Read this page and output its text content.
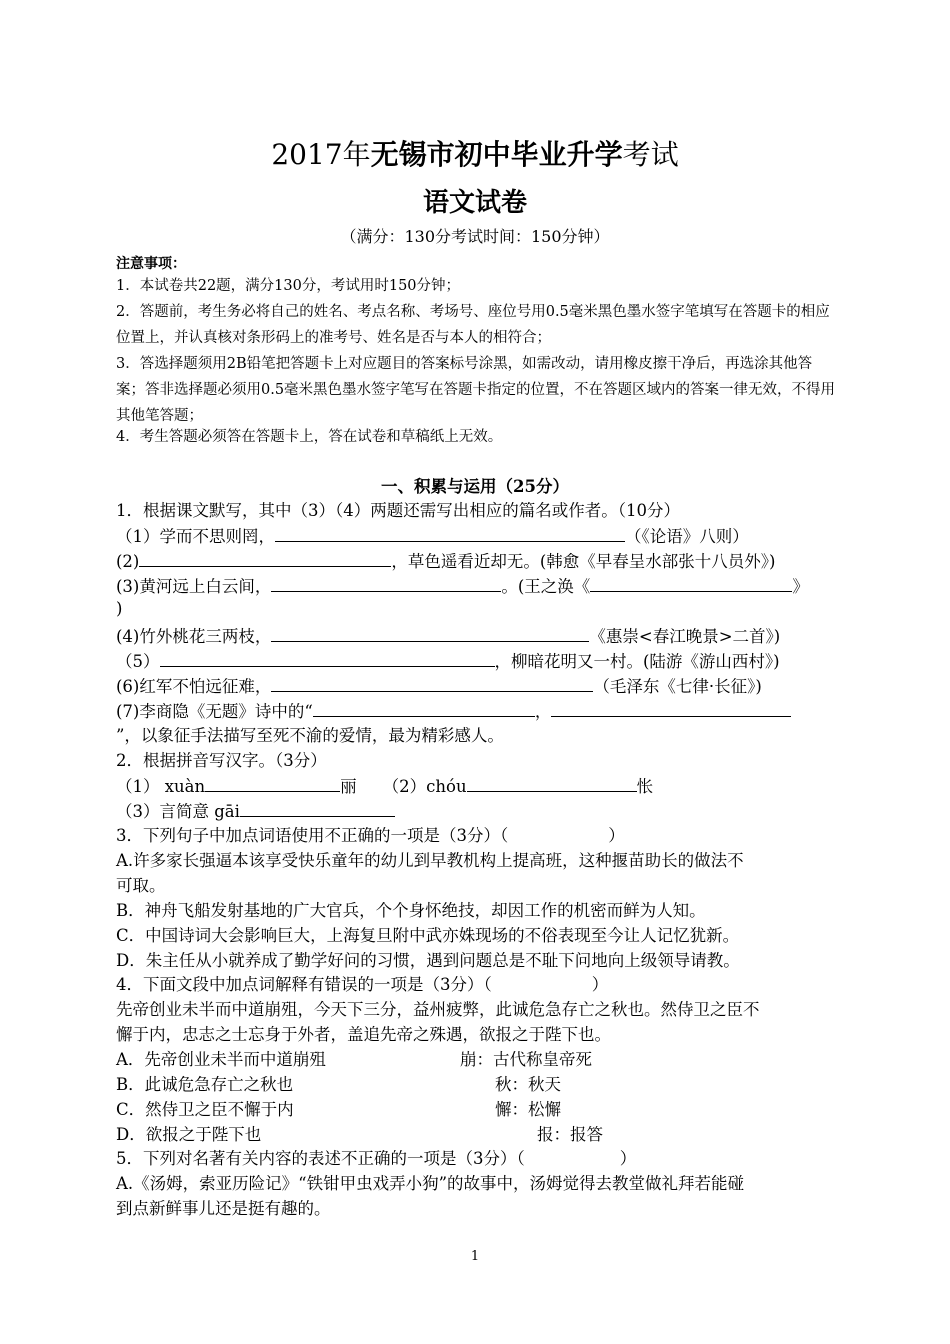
2017年无锡市初中毕业升学考试
语文试卷
（满分：130分考试时间：150分钟）
注意事项：
1．本试卷共22题，满分130分，考试用时150分钟；
2．答题前，考生务必将自己的姓名、考点名称、考场号、座位号用0.5毫米黑色墨水签字笔填写在答题卡的相应位置上，并认真核对条形码上的准考号、姓名是否与本人的相符合；
3．答选择题须用2B铅笔把答题卡上对应题目的答案标号涂黑，如需改动，请用橡皮擦干净后，再选涂其他答案；答非选择题必须用0.5毫米黑色墨水签字笔写在答题卡指定的位置，不在答题区域内的答案一律无效，不得用其他笔答题；
4．考生答题必须答在答题卡上，答在试卷和草稿纸上无效。
一、积累与运用（25分）
1．根据课文默写，其中（3）（4）两题还需写出相应的篇名或作者。（10分）
（1）学而不思则罔，	（《论语》八则）
(2)	，草色遥看近却无。(韩愈《早春呈水部张十八员外》)
(3)黄河远上白云间，	。(王之涣《	》
)
(4)竹外桃花三两枝，	《惠崇<春江晚景>二首》)
（5）	，柳暗花明又一村。(陆游《游山西村》)
(6)红军不怕远征难，	（毛泽东《七律·长征》)
(7)李商隐《无题》诗中的“	，
”，以象征手法描写至死不渝的爱情，最为精彩感人。
2．根据拼音写汉字。（3分）
（1） xuàn	丽 （2）chóu	怅
（3）言简意 gāi
3．下列句子中加点词语使用不正确的一项是（3分）（	）
A.许多家长强逼本该享受快乐童年的幼儿到早教机构上提高班，这种揠苗助长的做法不
可取。
B．神舟飞船发射基地的广大官兵，个个身怀绝技，却因工作的机密而鲜为人知。
C．中国诗词大会影响巨大，上海复旦附中武亦姝现场的不俗表现至今让人记忆犹新。
D．朱主任从小就养成了勤学好问的习惯，遇到问题总是不耻下问地向上级领导请教。
4．下面文段中加点词解释有错误的一项是（3分）（	）
先帝创业未半而中道崩殂，今天下三分，益州疲弊，此诚危急存亡之秋也。然侍卫之臣不
懈于内，忠志之士忘身于外者，盖追先帝之殊遇，欲报之于陛下也。
A．先帝创业未半而中道崩殂	崩：古代称皇帝死
B．此诚危急存亡之秋也	秋：秋天
C．然侍卫之臣不懈于内	懈：松懈
D．欲报之于陛下也	报：报答
5．下列对名著有关内容的表述不正确的一项是（3分）（	）
A.《汤姆，索亚历险记》“铁钳甲虫戏弄小狗”的故事中，汤姆觉得去教堂做礼拜若能碰
到点新鲜事儿还是挺有趣的。
1
